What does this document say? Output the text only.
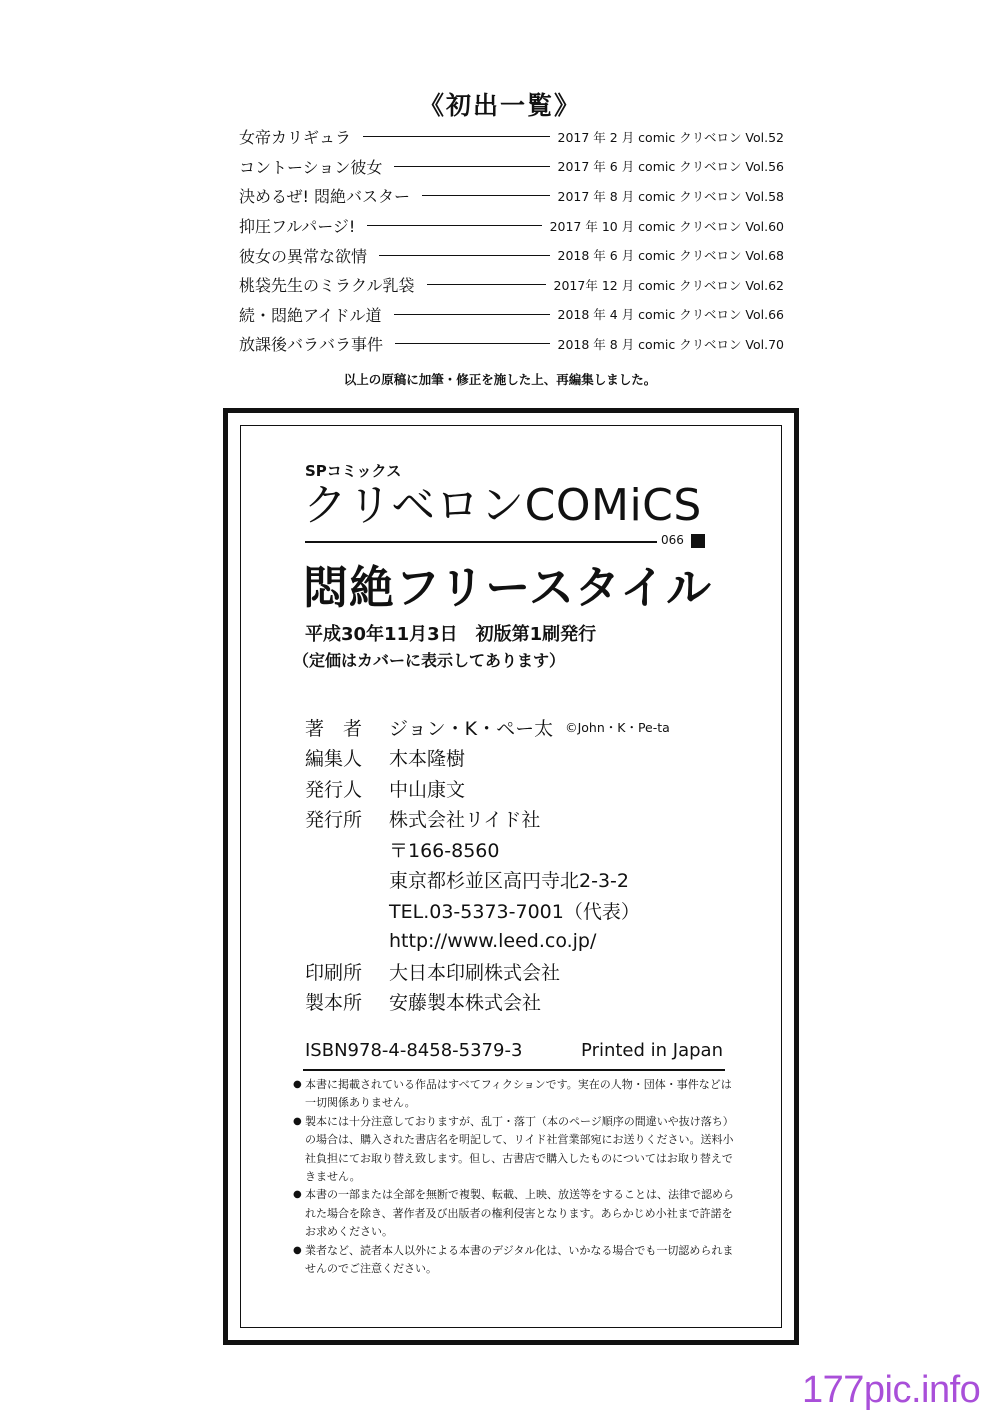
《初出一覧》
女帝カリギュラ	2017 年 2 月 comic クリベロン Vol.52
コントーション彼女	2017 年 6 月 comic クリベロン Vol.56
決めるぜ! 悶絶バスター	2017 年 8 月 comic クリベロン Vol.58
抑圧フルパージ!	2017 年 10 月 comic クリベロン Vol.60
彼女の異常な欲情	2018 年 6 月 comic クリベロン Vol.68
桃袋先生のミラクル乳袋	2017年 12 月 comic クリベロン Vol.62
続・悶絶アイドル道	2018 年 4 月 comic クリベロン Vol.66
放課後バラバラ事件	2018 年 8 月 comic クリベロン Vol.70
以上の原稿に加筆・修正を施した上、再編集しました。
SPコミックス
クリベロンCOMiCS
066
悶絶フリースタイル
平成30年11月3日　初版第1刷発行
（定価はカバーに表示してあります）
著　者	ジョン・K・ペー太 ©John・K・Pe-ta
編集人	木本隆樹
発行人	中山康文
発行所	株式会社リイド社
〒166-8560
東京都杉並区高円寺北2-3-2
TEL.03-5373-7001（代表）
http://www.leed.co.jp/
印刷所	大日本印刷株式会社
製本所	安藤製本株式会社
ISBN978-4-8458-5379-3	Printed in Japan
● 本書に掲載されている作品はすべてフィクションです。実在の人物・団体・事件などは一切関係ありません。
● 製本には十分注意しておりますが、乱丁・落丁（本のページ順序の間違いや抜け落ち）の場合は、購入された書店名を明記して、リイド社営業部宛にお送りください。送料小社負担にてお取り替え致します。但し、古書店で購入したものについてはお取り替えできません。
● 本書の一部または全部を無断で複製、転載、上映、放送等をすることは、法律で認められた場合を除き、著作者及び出版者の権利侵害となります。あらかじめ小社まで許諾をお求めください。
● 業者など、読者本人以外による本書のデジタル化は、いかなる場合でも一切認められませんのでご注意ください。
177pic.info
